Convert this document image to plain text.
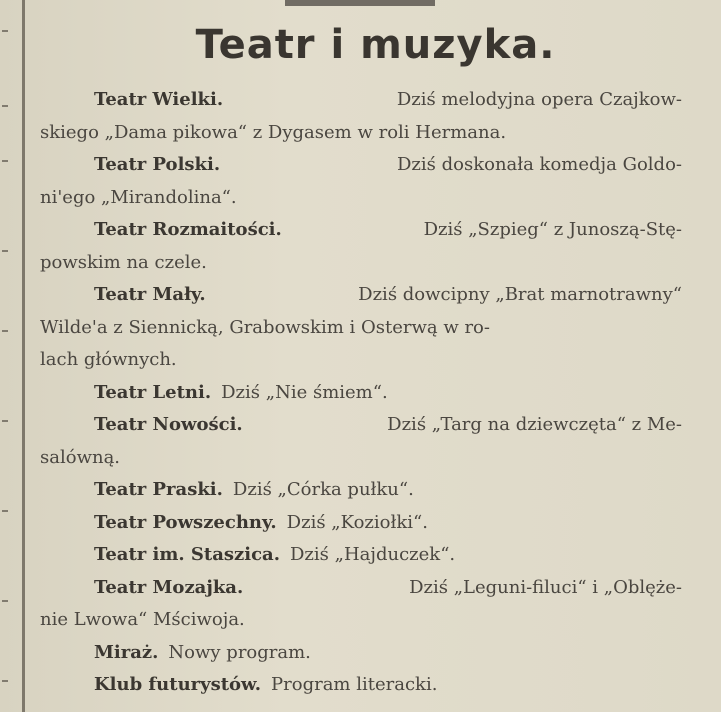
Teatr i muzyka.
Teatr Wielki.	Dziś melodyjna opera Czajkow-
skiego „Dama pikowa“ z Dygasem w roli Hermana.
Teatr Polski.	Dziś doskonała komedja Goldo-
ni'ego „Mirandolina“.
Teatr Rozmaitości.	Dziś „Szpieg“ z Junoszą-Stę-
powskim na czele.
Teatr Mały.	Dziś dowcipny „Brat marnotrawny“
Wilde'a z Siennicką, Grabowskim i Osterwą w ro-
lach głównych.
Teatr Letni. Dziś „Nie śmiem“.
Teatr Nowości.	Dziś „Targ na dziewczęta“ z Me-
salówną.
Teatr Praski. Dziś „Córka pułku“.
Teatr Powszechny. Dziś „Koziołki“.
Teatr im. Staszica. Dziś „Hajduczek“.
Teatr Mozajka.	Dziś „Leguni-filuci“ i „Oblęże-
nie Lwowa“ Mściwoja.
Miraż. Nowy program.
Klub futurystów. Program literacki.
